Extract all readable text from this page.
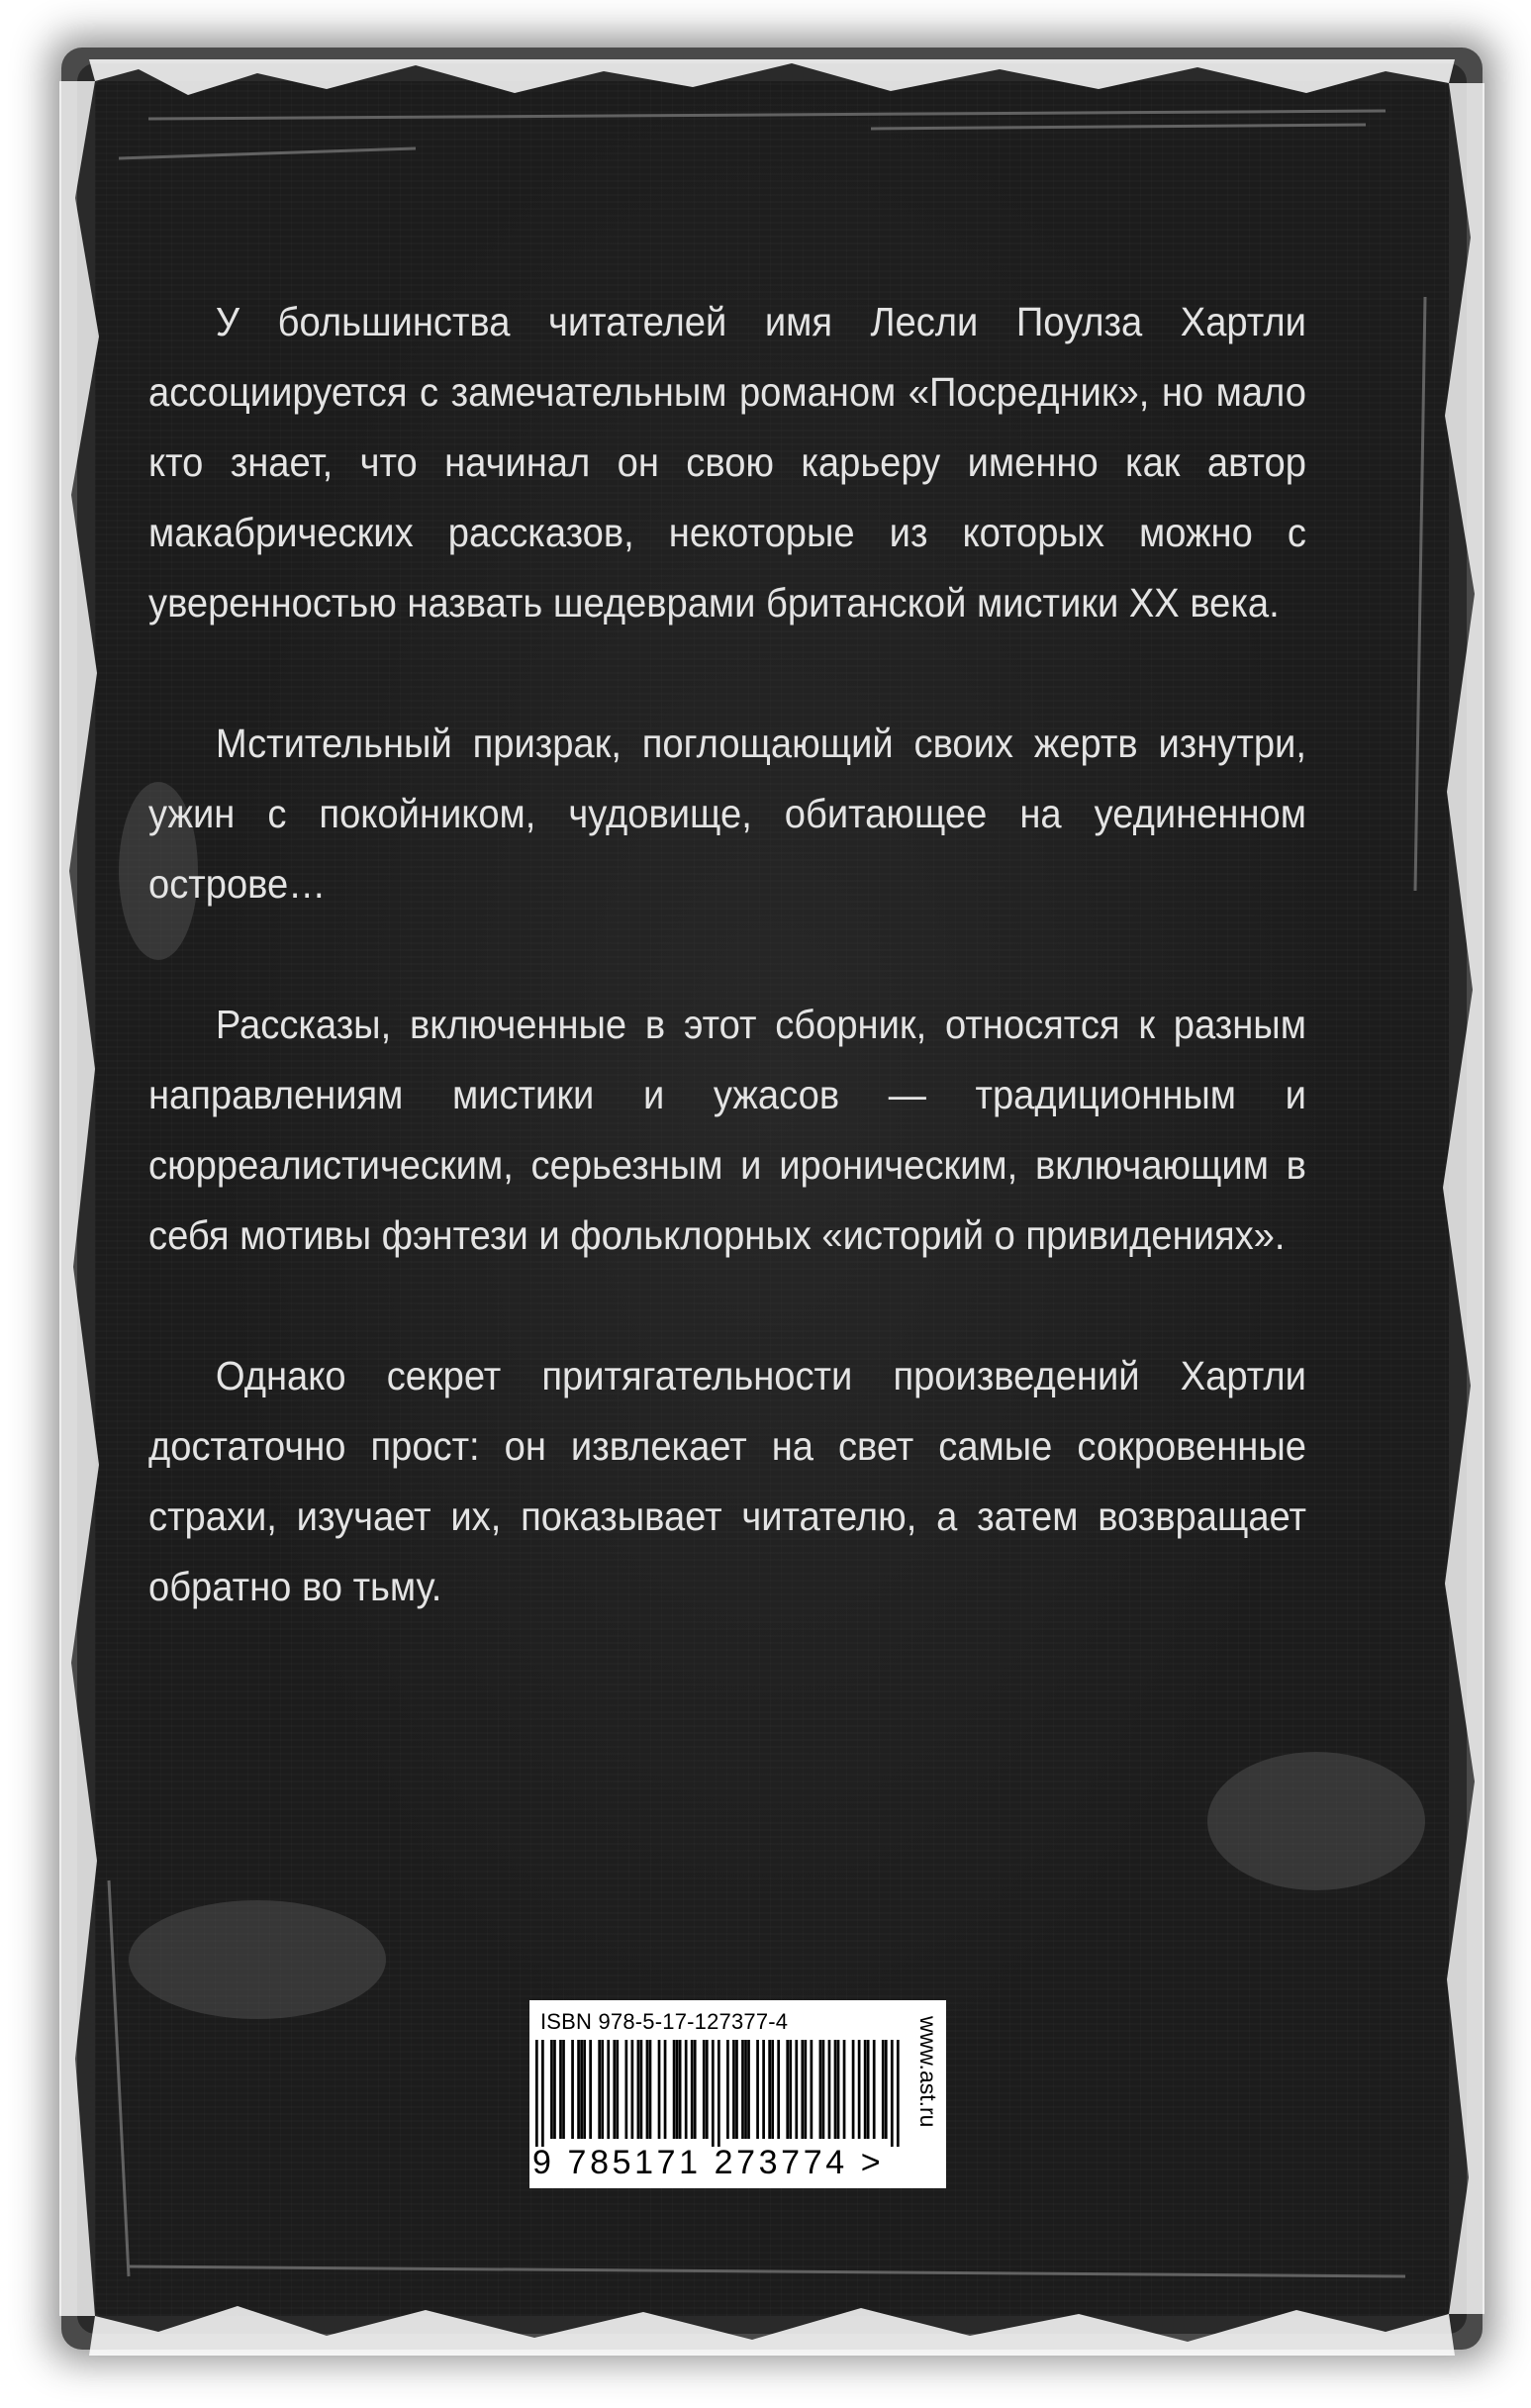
У большинства читателей имя Лесли Поулза Хартли ассоциируется с замечательным романом «Посредник», но мало кто знает, что начинал он свою карьеру именно как автор макабрических рассказов, некоторые из которых можно с уверенностью назвать шедеврами британской мистики XX века.

Мстительный призрак, поглощающий своих жертв изнутри, ужин с покойником, чудовище, обитающее на уединенном острове…

Рассказы, включенные в этот сборник, относятся к разным направлениям мистики и ужасов — традиционным и сюрреалистическим, серьезным и ироническим, включающим в себя мотивы фэнтези и фольклорных «историй о привидениях».

Однако секрет притягательности произведений Хартли достаточно прост: он извлекает на свет самые сокровенные страхи, изучает их, показывает читателю, а затем возвращает обратно во тьму.

ISBN 978-5-17-127377-4
9 785171 273774 >
www.ast.ru
